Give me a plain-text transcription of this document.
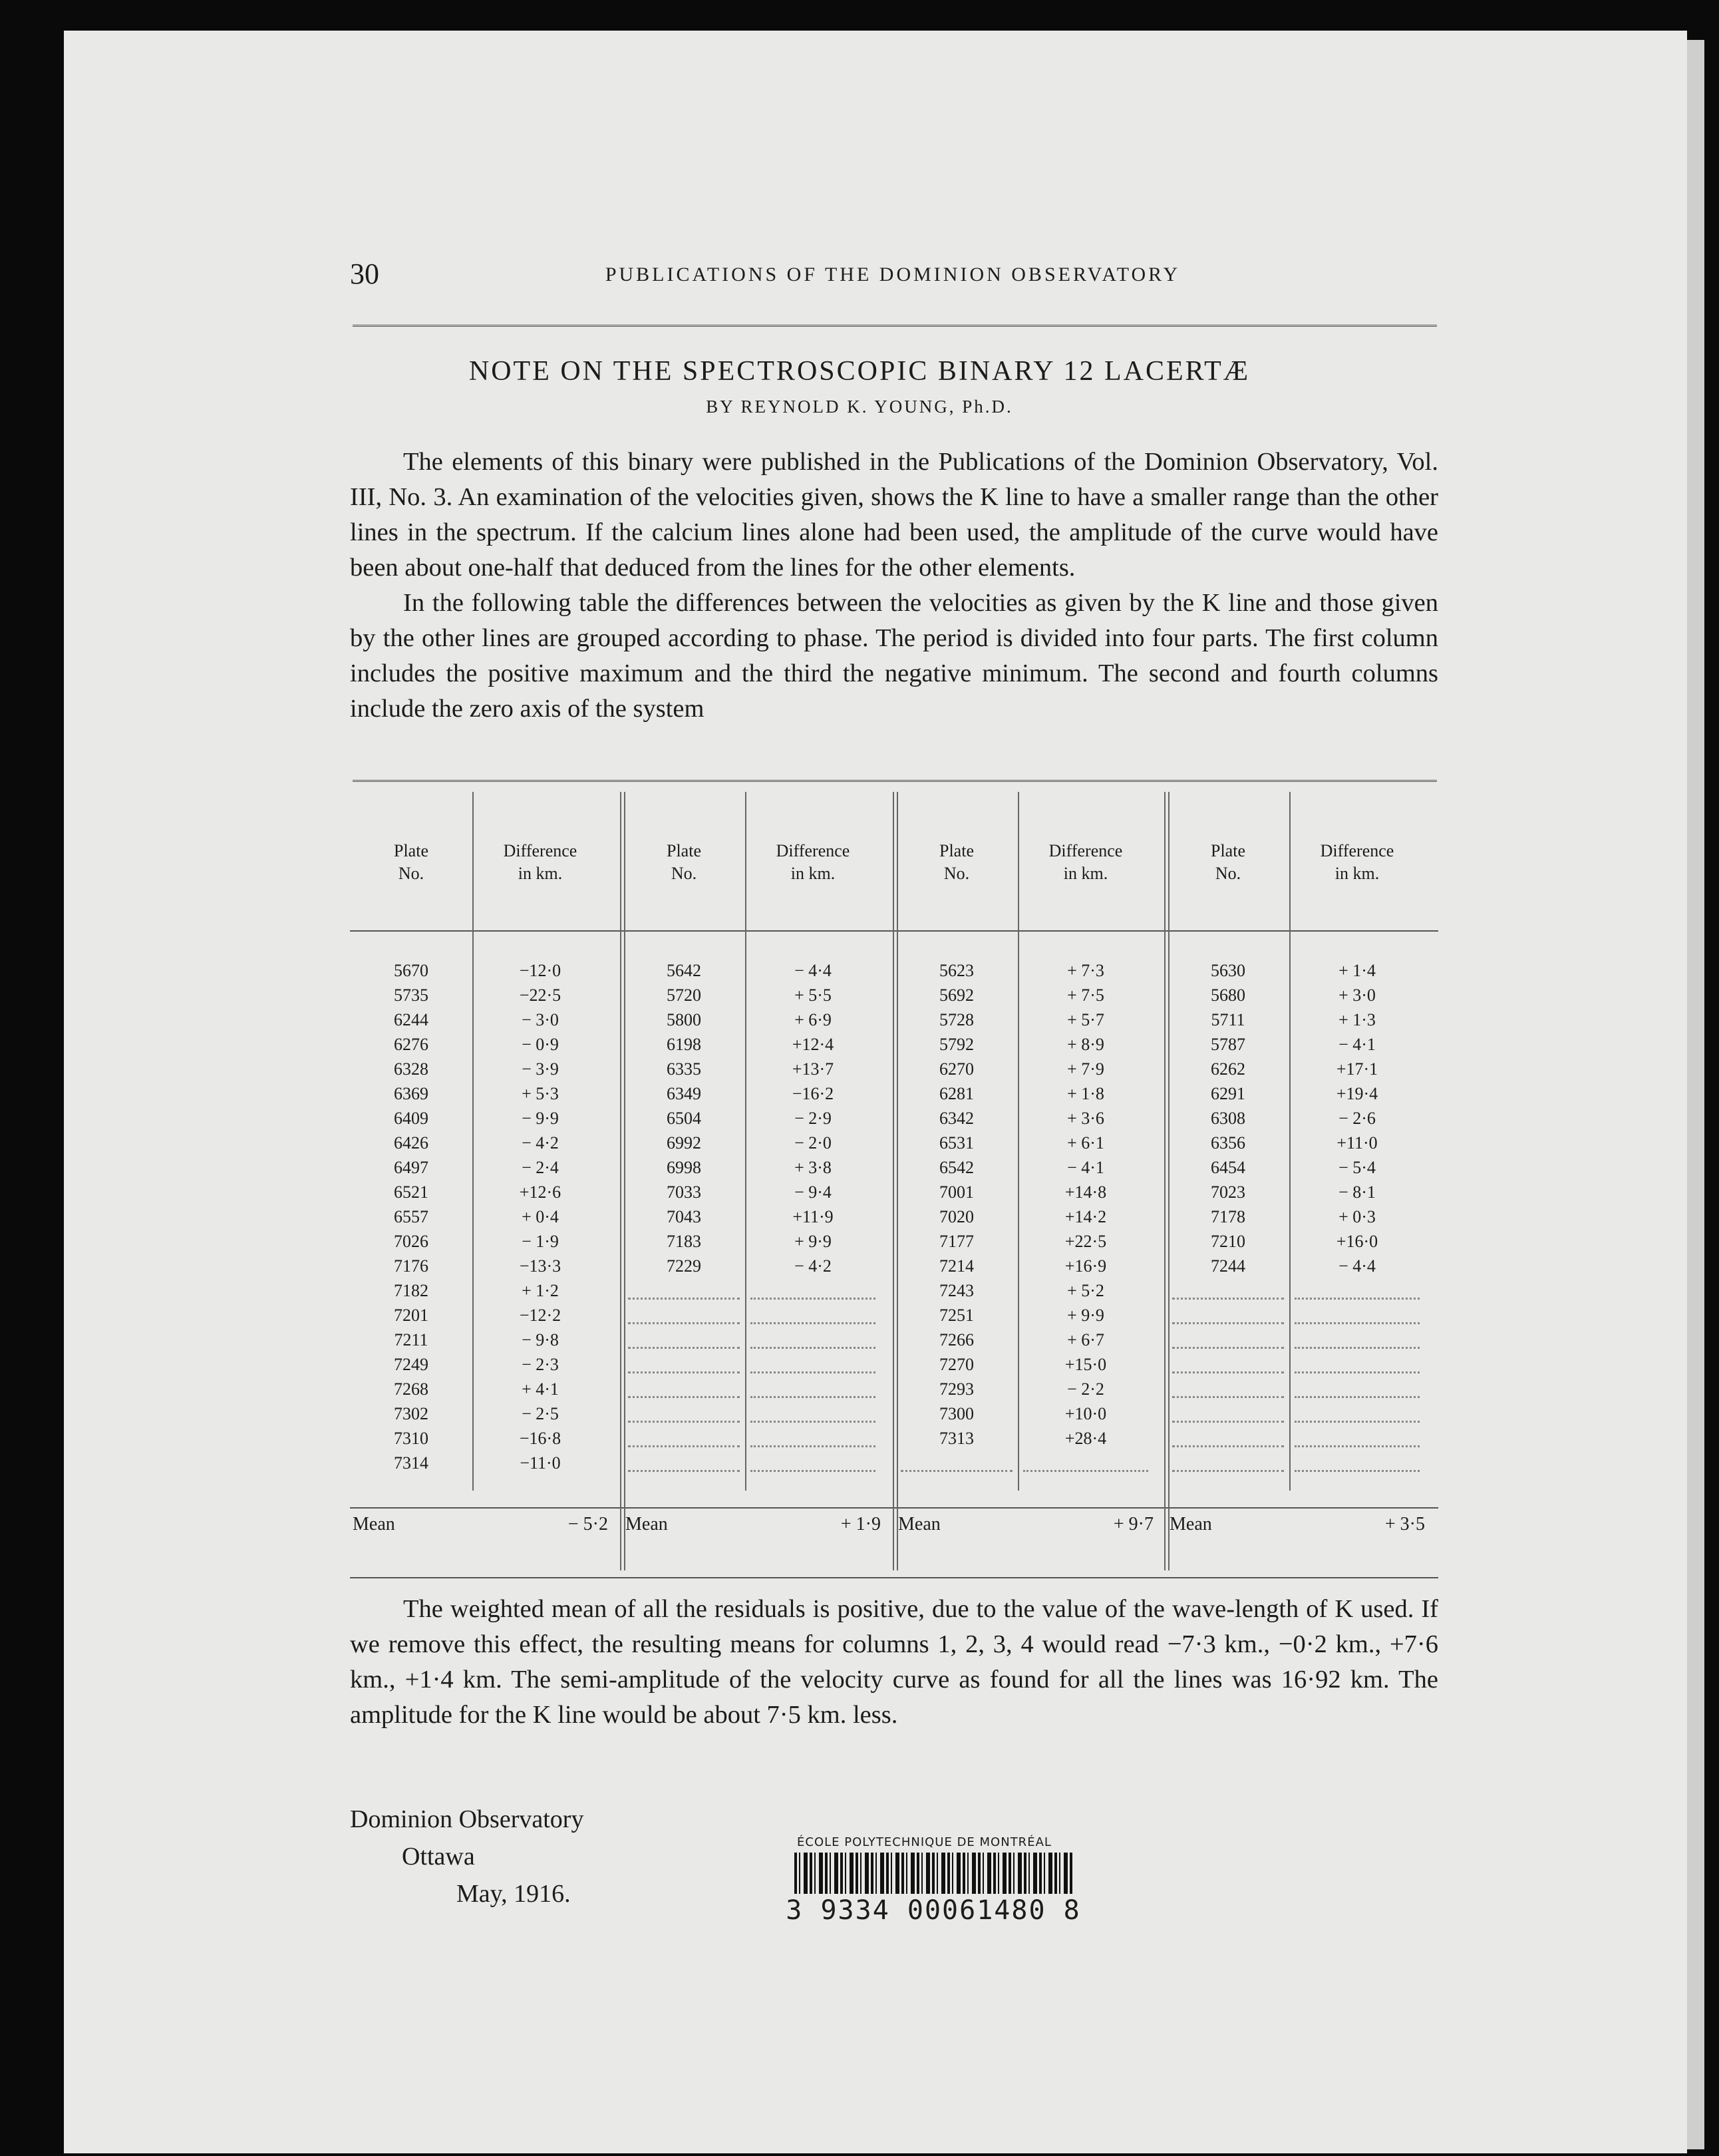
30	PUBLICATIONS OF THE DOMINION OBSERVATORY
NOTE ON THE SPECTROSCOPIC BINARY 12 LACERTÆ
BY REYNOLD K. YOUNG, Ph.D.

The elements of this binary were published in the Publications of the Dominion Observatory, Vol. III, No. 3. An examination of the velocities given, shows the K line to have a smaller range than the other lines in the spectrum. If the calcium lines alone had been used, the amplitude of the curve would have been about one-half that deduced from the lines for the other elements.

In the following table the differences between the velocities as given by the K line and those given by the other lines are grouped according to phase. The period is divided into four parts. The first column includes the positive maximum and the third the negative minimum. The second and fourth columns include the zero axis of the system

Plate
No.
Difference
in km.
5670	−12·0
5735	−22·5
6244	− 3·0
6276	− 0·9
6328	− 3·9
6369	+ 5·3
6409	− 9·9
6426	− 4·2
6497	− 2·4
6521	+12·6
6557	+ 0·4
7026	− 1·9
7176	−13·3
7182	+ 1·2
7201	−12·2
7211	− 9·8
7249	− 2·3
7268	+ 4·1
7302	− 2·5
7310	−16·8
7314	−11·0
Mean	− 5·2
Plate
No.
Difference
in km.
5642	− 4·4
5720	+ 5·5
5800	+ 6·9
6198	+12·4
6335	+13·7
6349	−16·2
6504	− 2·9
6992	− 2·0
6998	+ 3·8
7033	− 9·4
7043	+11·9
7183	+ 9·9
7229	− 4·2
Mean	+ 1·9
Plate
No.
Difference
in km.
5623	+ 7·3
5692	+ 7·5
5728	+ 5·7
5792	+ 8·9
6270	+ 7·9
6281	+ 1·8
6342	+ 3·6
6531	+ 6·1
6542	− 4·1
7001	+14·8
7020	+14·2
7177	+22·5
7214	+16·9
7243	+ 5·2
7251	+ 9·9
7266	+ 6·7
7270	+15·0
7293	− 2·2
7300	+10·0
7313	+28·4
Mean	+ 9·7
Plate
No.
Difference
in km.
5630	+ 1·4
5680	+ 3·0
5711	+ 1·3
5787	− 4·1
6262	+17·1
6291	+19·4
6308	− 2·6
6356	+11·0
6454	− 5·4
7023	− 8·1
7178	+ 0·3
7210	+16·0
7244	− 4·4
Mean	+ 3·5

The weighted mean of all the residuals is positive, due to the value of the wave-length of K used. If we remove this effect, the resulting means for columns 1, 2, 3, 4 would read −7·3 km., −0·2 km., +7·6 km., +1·4 km. The semi-amplitude of the velocity curve as found for all the lines was 16·92 km. The amplitude for the K line would be about 7·5 km. less.

Dominion Observatory
Ottawa
May, 1916.
ÉCOLE POLYTECHNIQUE DE MONTRÉAL
3 9334 00061480 8
